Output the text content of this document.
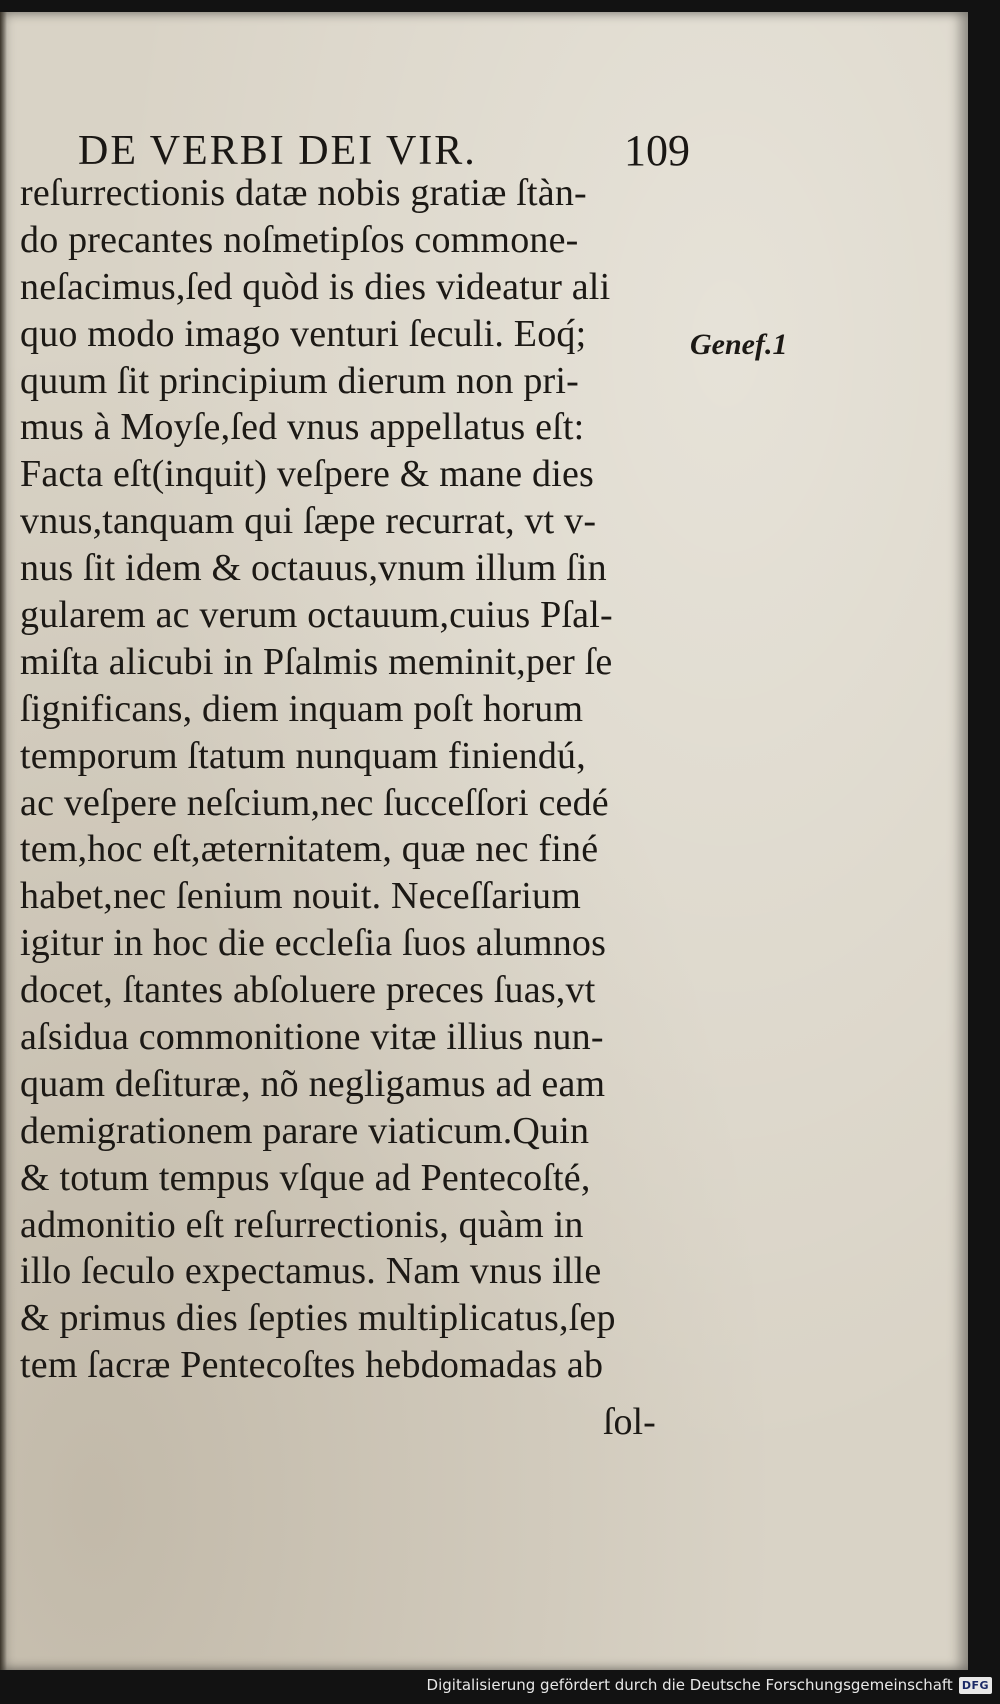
DE VERBI DEI VIR.	109
Genef.1
reſurrectionis datæ nobis gratiæ ſtàn-
do precantes noſmetipſos commone-
neſacimus,ſed quòd is dies videatur ali
quo modo imago venturi ſeculi. Eoq́;
quum ſit principium dierum non pri-
mus à Moyſe,ſed vnus appellatus eſt:
Facta eſt(inquit) veſpere & mane dies
vnus,tanquam qui ſæpe recurrat, vt v-
nus ſit idem & octauus,vnum illum ſin
gularem ac verum octauum,cuius Pſal-
miſta alicubi in Pſalmis meminit,per ſe
ſignificans, diem inquam poſt horum
temporum ſtatum nunquam finiendú,
ac veſpere neſcium,nec ſucceſſori cedé
tem,hoc eſt,æternitatem, quæ nec finé
habet,nec ſenium nouit. Neceſſarium
igitur in hoc die eccleſia ſuos alumnos
docet, ſtantes abſoluere preces ſuas,vt
aſsidua commonitione vitæ illius nun-
quam deſituræ, nõ negligamus ad eam
demigrationem parare viaticum.Quin
& totum tempus vſque ad Pentecoſté,
admonitio eſt reſurrectionis, quàm in
illo ſeculo expectamus. Nam vnus ille
& primus dies ſepties multiplicatus,ſep
tem ſacræ Pentecoſtes hebdomadas ab
ſol-
Digitalisierung gefördert durch die Deutsche Forschungsgemeinschaft DFG
